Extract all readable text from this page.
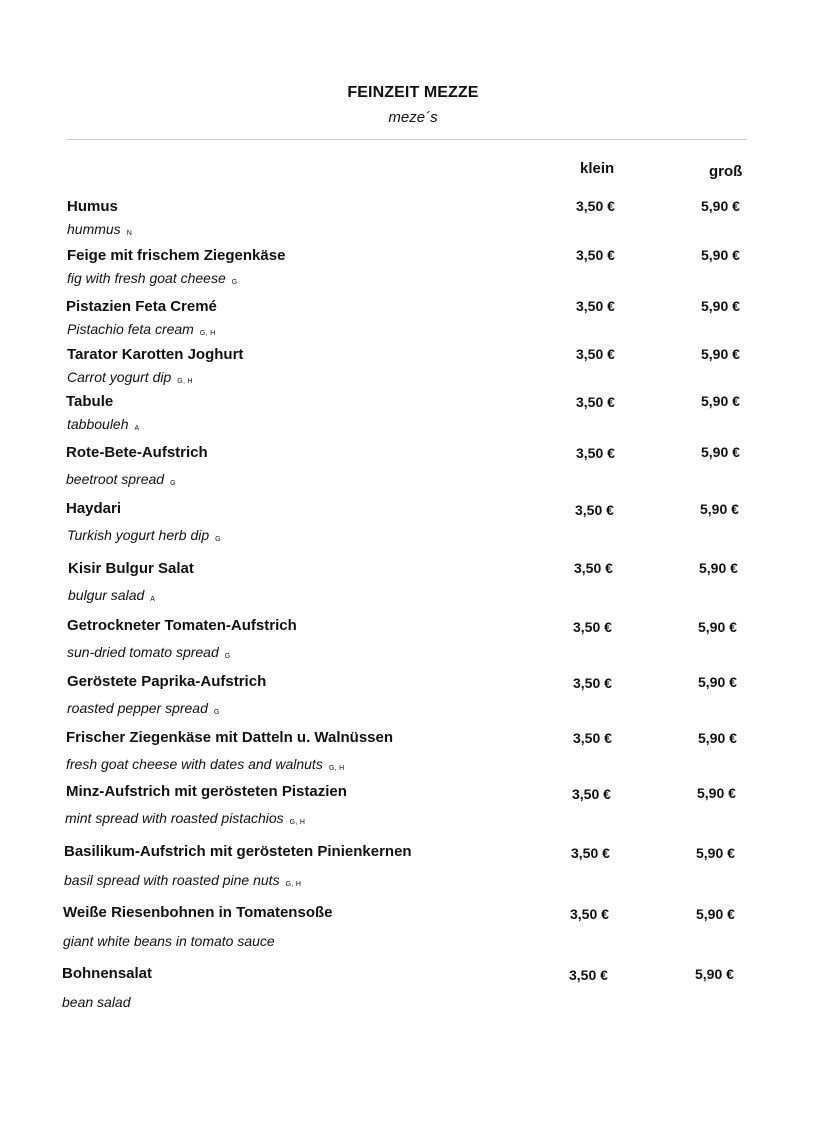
FEINZEIT MEZZE
meze´s
klein	groß
Humus
hummus N
3,50 €	5,90 €
Feige mit frischem Ziegenkäse
fig with fresh goat cheese G
3,50 €	5,90 €
Pistazien Feta Cremé
Pistachio feta cream G, H
3,50 €	5,90 €
Tarator Karotten Joghurt
Carrot yogurt dip G, H
3,50 €	5,90 €
Tabule
tabbouleh A
3,50 €	5,90 €
Rote-Bete-Aufstrich
beetroot spread G
3,50 €	5,90 €
Haydari
Turkish yogurt herb dip G
3,50 €	5,90 €
Kisir Bulgur Salat
bulgur salad A
3,50 €	5,90 €
Getrockneter Tomaten-Aufstrich
sun-dried tomato spread G
3,50 €	5,90 €
Geröstete Paprika-Aufstrich
roasted pepper spread G
3,50 €	5,90 €
Frischer Ziegenkäse mit Datteln u. Walnüssen
fresh goat cheese with dates and walnuts G, H
3,50 €	5,90 €
Minz-Aufstrich mit gerösteten Pistazien
mint spread with roasted pistachios G, H
3,50 €	5,90 €
Basilikum-Aufstrich mit gerösteten Pinienkernen
basil spread with roasted pine nuts G, H
3,50 €	5,90 €
Weiße Riesenbohnen in Tomatensoße
giant white beans in tomato sauce
3,50 €	5,90 €
Bohnensalat
bean salad
3,50 €	5,90 €
